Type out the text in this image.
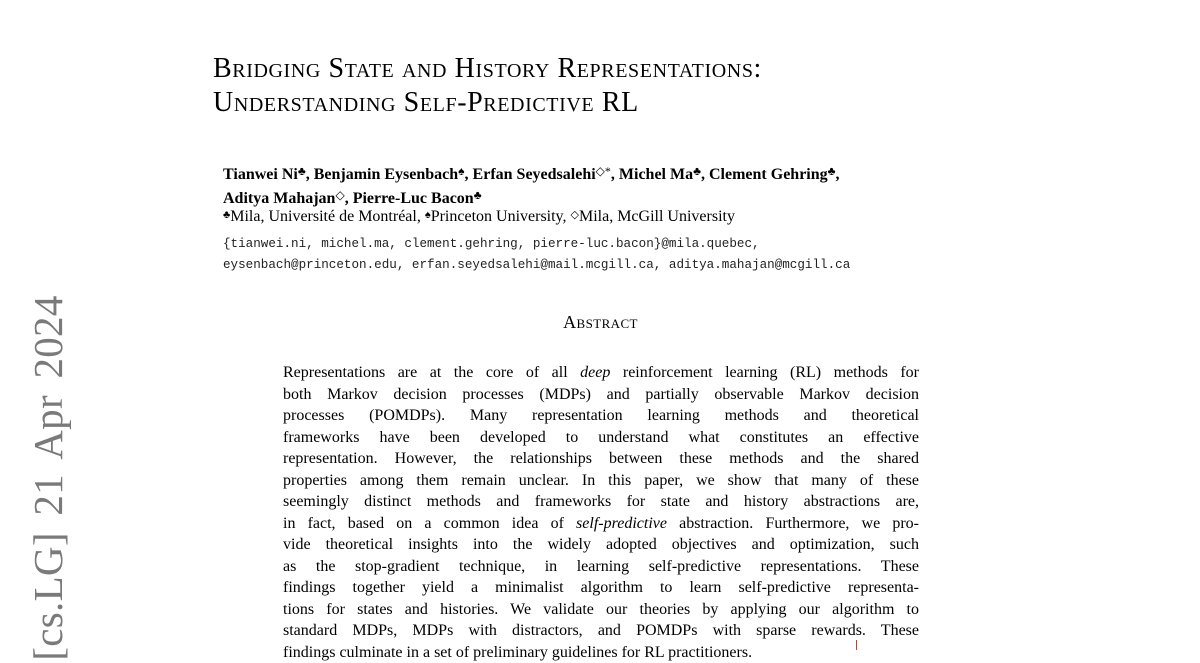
[cs.LG] 21 Apr 2024
Bridging State and History Representations:
Understanding Self-Predictive RL
Tianwei Ni♣, Benjamin Eysenbach♠, Erfan Seyedsalehi◇*, Michel Ma♣, Clement Gehring♣,
Aditya Mahajan◇, Pierre-Luc Bacon♣
♣Mila, Université de Montréal, ♠Princeton University, ◇Mila, McGill University
{tianwei.ni, michel.ma, clement.gehring, pierre-luc.bacon}@mila.quebec,
eysenbach@princeton.edu, erfan.seyedsalehi@mail.mcgill.ca, aditya.mahajan@mcgill.ca
Abstract
Representations are at the core of all deep reinforcement learning (RL) methods for
both Markov decision processes (MDPs) and partially observable Markov decision
processes (POMDPs). Many representation learning methods and theoretical
frameworks have been developed to understand what constitutes an effective
representation. However, the relationships between these methods and the shared
properties among them remain unclear. In this paper, we show that many of these
seemingly distinct methods and frameworks for state and history abstractions are,
in fact, based on a common idea of self-predictive abstraction. Furthermore, we pro-
vide theoretical insights into the widely adopted objectives and optimization, such
as the stop-gradient technique, in learning self-predictive representations. These
findings together yield a minimalist algorithm to learn self-predictive representa-
tions for states and histories. We validate our theories by applying our algorithm to
standard MDPs, MDPs with distractors, and POMDPs with sparse rewards. These
findings culminate in a set of preliminary guidelines for RL practitioners.
